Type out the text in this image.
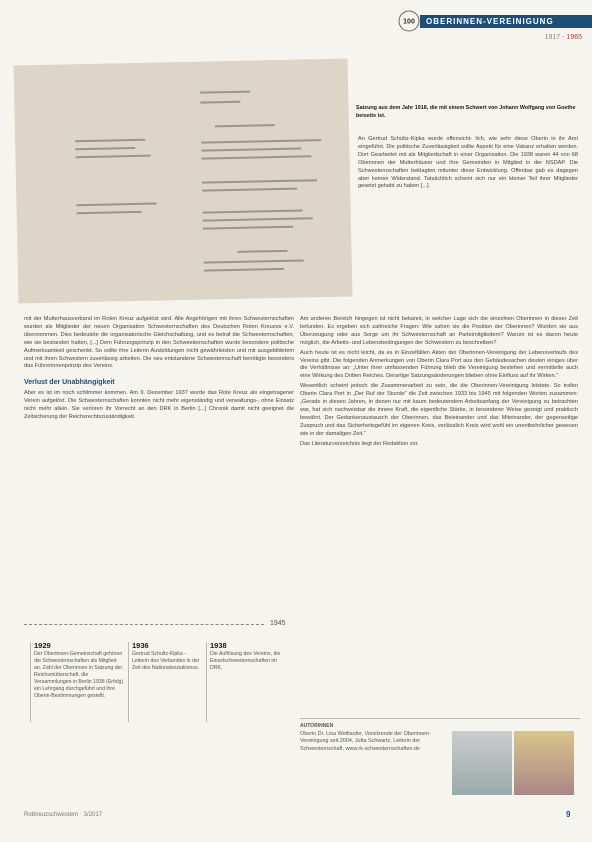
100	OBERINNEN-VEREINIGUNG
1917 - 1965
Satzung aus dem Jahr 1918, die mit einem Schwert von Johann Wolfgang von Goethe beiseite ist.

An Gertrud Schultz-Kipka wurde offensicht- lich, wie sehr diese Oberin in ihr Amt eingeführt. Die politische Zuverlässigkeit sollte Aspekt für eine Vakanz erhalten werden. Dort Gearbeitet mit als Mitgliedschaft in einer Organisation. Die 1938 waren 44 von 68 Oberinnen der Mutterhäuser und ihre Gemeinden in Mitglied in der NSDAP. Die Schwesternschaften beklagten mitunter diese Entwicklung. Offenbar gab es dagegen aber keinen Widerstand. Tatsächlich scheint sich nur ein kleiner Teil ihrer Mitglieder gesetzt gehabt zu haben [...].

mit der Mutterhausverband im Roten Kreuz aufgelöst wird. Alle Angehörigen mit ihren Schwesternschaften wurden als Mitglieder der neuen Organisation Schwesternschaften des Deutschen Roten Kreuzes e.V. übernommen. Dies bedeutete die organisatorische Gleichschaltung, und es betraf die Schwesternschaften, wie sie bestanden hatten, [...] Dem Führungsprinzip in den Schwesternschaften wurde besondere politische Aufmerksamkeit geschenkt. So sollte ihre Leiterin Ausbildungen nicht gewährleisten und mit ausgebildetem und mit ihren Schwestern zuverlässig arbeiten. Die neu entstandene Schwesternschaft benötigte besonders das Führerinnenprinzip des Vereins.

Verlust der Unabhängigkeit

Aber es ist im noch schlimmer kommen. Am 9. Dezember 1937 wurde das Rote Kreuz als eingetragener Verein aufgelöst. Die Schwesternschaften konnten nicht mehr eigenständig und verwaltungs-, ohne Einsatz nicht mehr allein. Sie verloren ihr Vorrecht an den DRK in Berlin [...] Chronik damit nicht geeignet die Zeitsicherung der Reichsrechtszuständigkeit.

Am anderen Bereich hingegen ist nicht bekannt, in welcher Lage sich die einzelnen Oberinnen in dieser Zeit befunden. Es ergeben sich zahlreiche Fragen: Wie sahen sie die Position der Oberinnen? Wurden sie aus Überzeugung oder aus Sorge um ihr Schwesternschaft an Parteimitgliedern? Warum ist es davon heute möglich, die Arbeits- und Lebensbedingungen der Schwestern zu beschreiben?

Auch heute ist es nicht leicht, da es in Einzelfällen Akten der Oberinnen-Vereinigung der Lebensverlaufs des Vereins gibt. Die folgenden Anmerkungen von Oberin Clara Port aus den Gebäudesachen deuten einiges über die Verhältnisse an: „Unter ihrer umfassenden Führung blieb die Vereinigung bestehen und vermittelte auch eine Wirkung des Dritten Reiches. Derartige Satzungsänderungen blieben ohne Einfluss auf ihr Wirken.“

Wesentlich scheint jedoch die Zusammenarbeit zu sein, die die Oberinnen-Vereinigung leistete. So trafen Oberin Clara Port in „Der Ruf der Stunde“ die Zeit zwischen 1933 bis 1945 mit folgenden Worten zusammen: „Gerade in diesen Jahren, in denen nur mit kaum bedeutendem Arbeitsanfang der Vereinigung zu betrachten war, hat sich nachweisbar die innere Kraft, die eigentliche Stärke, in besonderer Weise gezeigt und praktisch bewährt. Der Gedankenaustausch der Oberinnen, das Beieinander und das Miteinander, der gegenseitige Zuspruch und das Sicherheitsgefühl im eigenen Kreis, verlässlich Kreis wird wohl ein unentbehrlicher gewesen wie in der damaligen Zeit.“

Das Literaturverzeichnis liegt der Redaktion vor.

1945
1929
Der Oberinnen-Gemeinschaft gehören die Schwesternschaften als Mitglied an, Zahl der Oberinnen in Satzung der Reichsmütterschaft, die Versammlungen in Berlin 1938 (Erfolg) ein Lehrgang durchgeführt und ihre Oberin-Bestimmungen gestellt.
1936
Gertrud Schultz-Kipka - Leiterin des Verbandes in der Zeit des Nationalsozialismus.
1938
Die Auflösung des Vereins, die Einzelschwesternschaften im DRK.
AUTORINNEN
Oberin Dr. Lisa Wettlaufer, Vorsitzende der Oberinnen-Vereinigung seit 2004, Jutta Schwartz, Leiterin der Schwesternschaft, www.rk-schwesternschaften.de
Rotkreuzschwestern · 3/2017	9
